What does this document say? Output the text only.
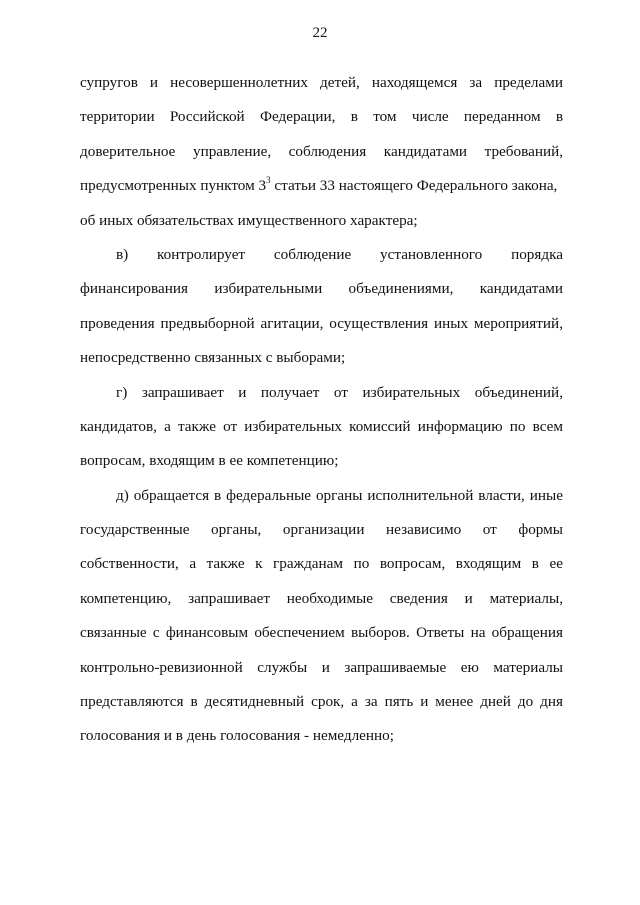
22
супругов и несовершеннолетних детей, находящемся за пределами
территории Российской Федерации, в том числе переданном в
доверительное управление, соблюдения кандидатами требований,
предусмотренных пунктом $3^3$ статьи 33 настоящего Федерального закона,
об иных обязательствах имущественного характера;
в) контролирует соблюдение установленного порядка
финансирования избирательными объединениями, кандидатами
проведения предвыборной агитации, осуществления иных мероприятий,
непосредственно связанных с выборами;
г) запрашивает и получает от избирательных объединений,
кандидатов, а также от избирательных комиссий информацию по всем
вопросам, входящим в ее компетенцию;
д) обращается в федеральные органы исполнительной власти, иные
государственные органы, организации независимо от формы
собственности, а также к гражданам по вопросам, входящим в ее
компетенцию, запрашивает необходимые сведения и материалы,
связанные с финансовым обеспечением выборов. Ответы на обращения
контрольно-ревизионной службы и запрашиваемые ею материалы
представляются в десятидневный срок, а за пять и менее дней до дня
голосования и в день голосования - немедленно;
